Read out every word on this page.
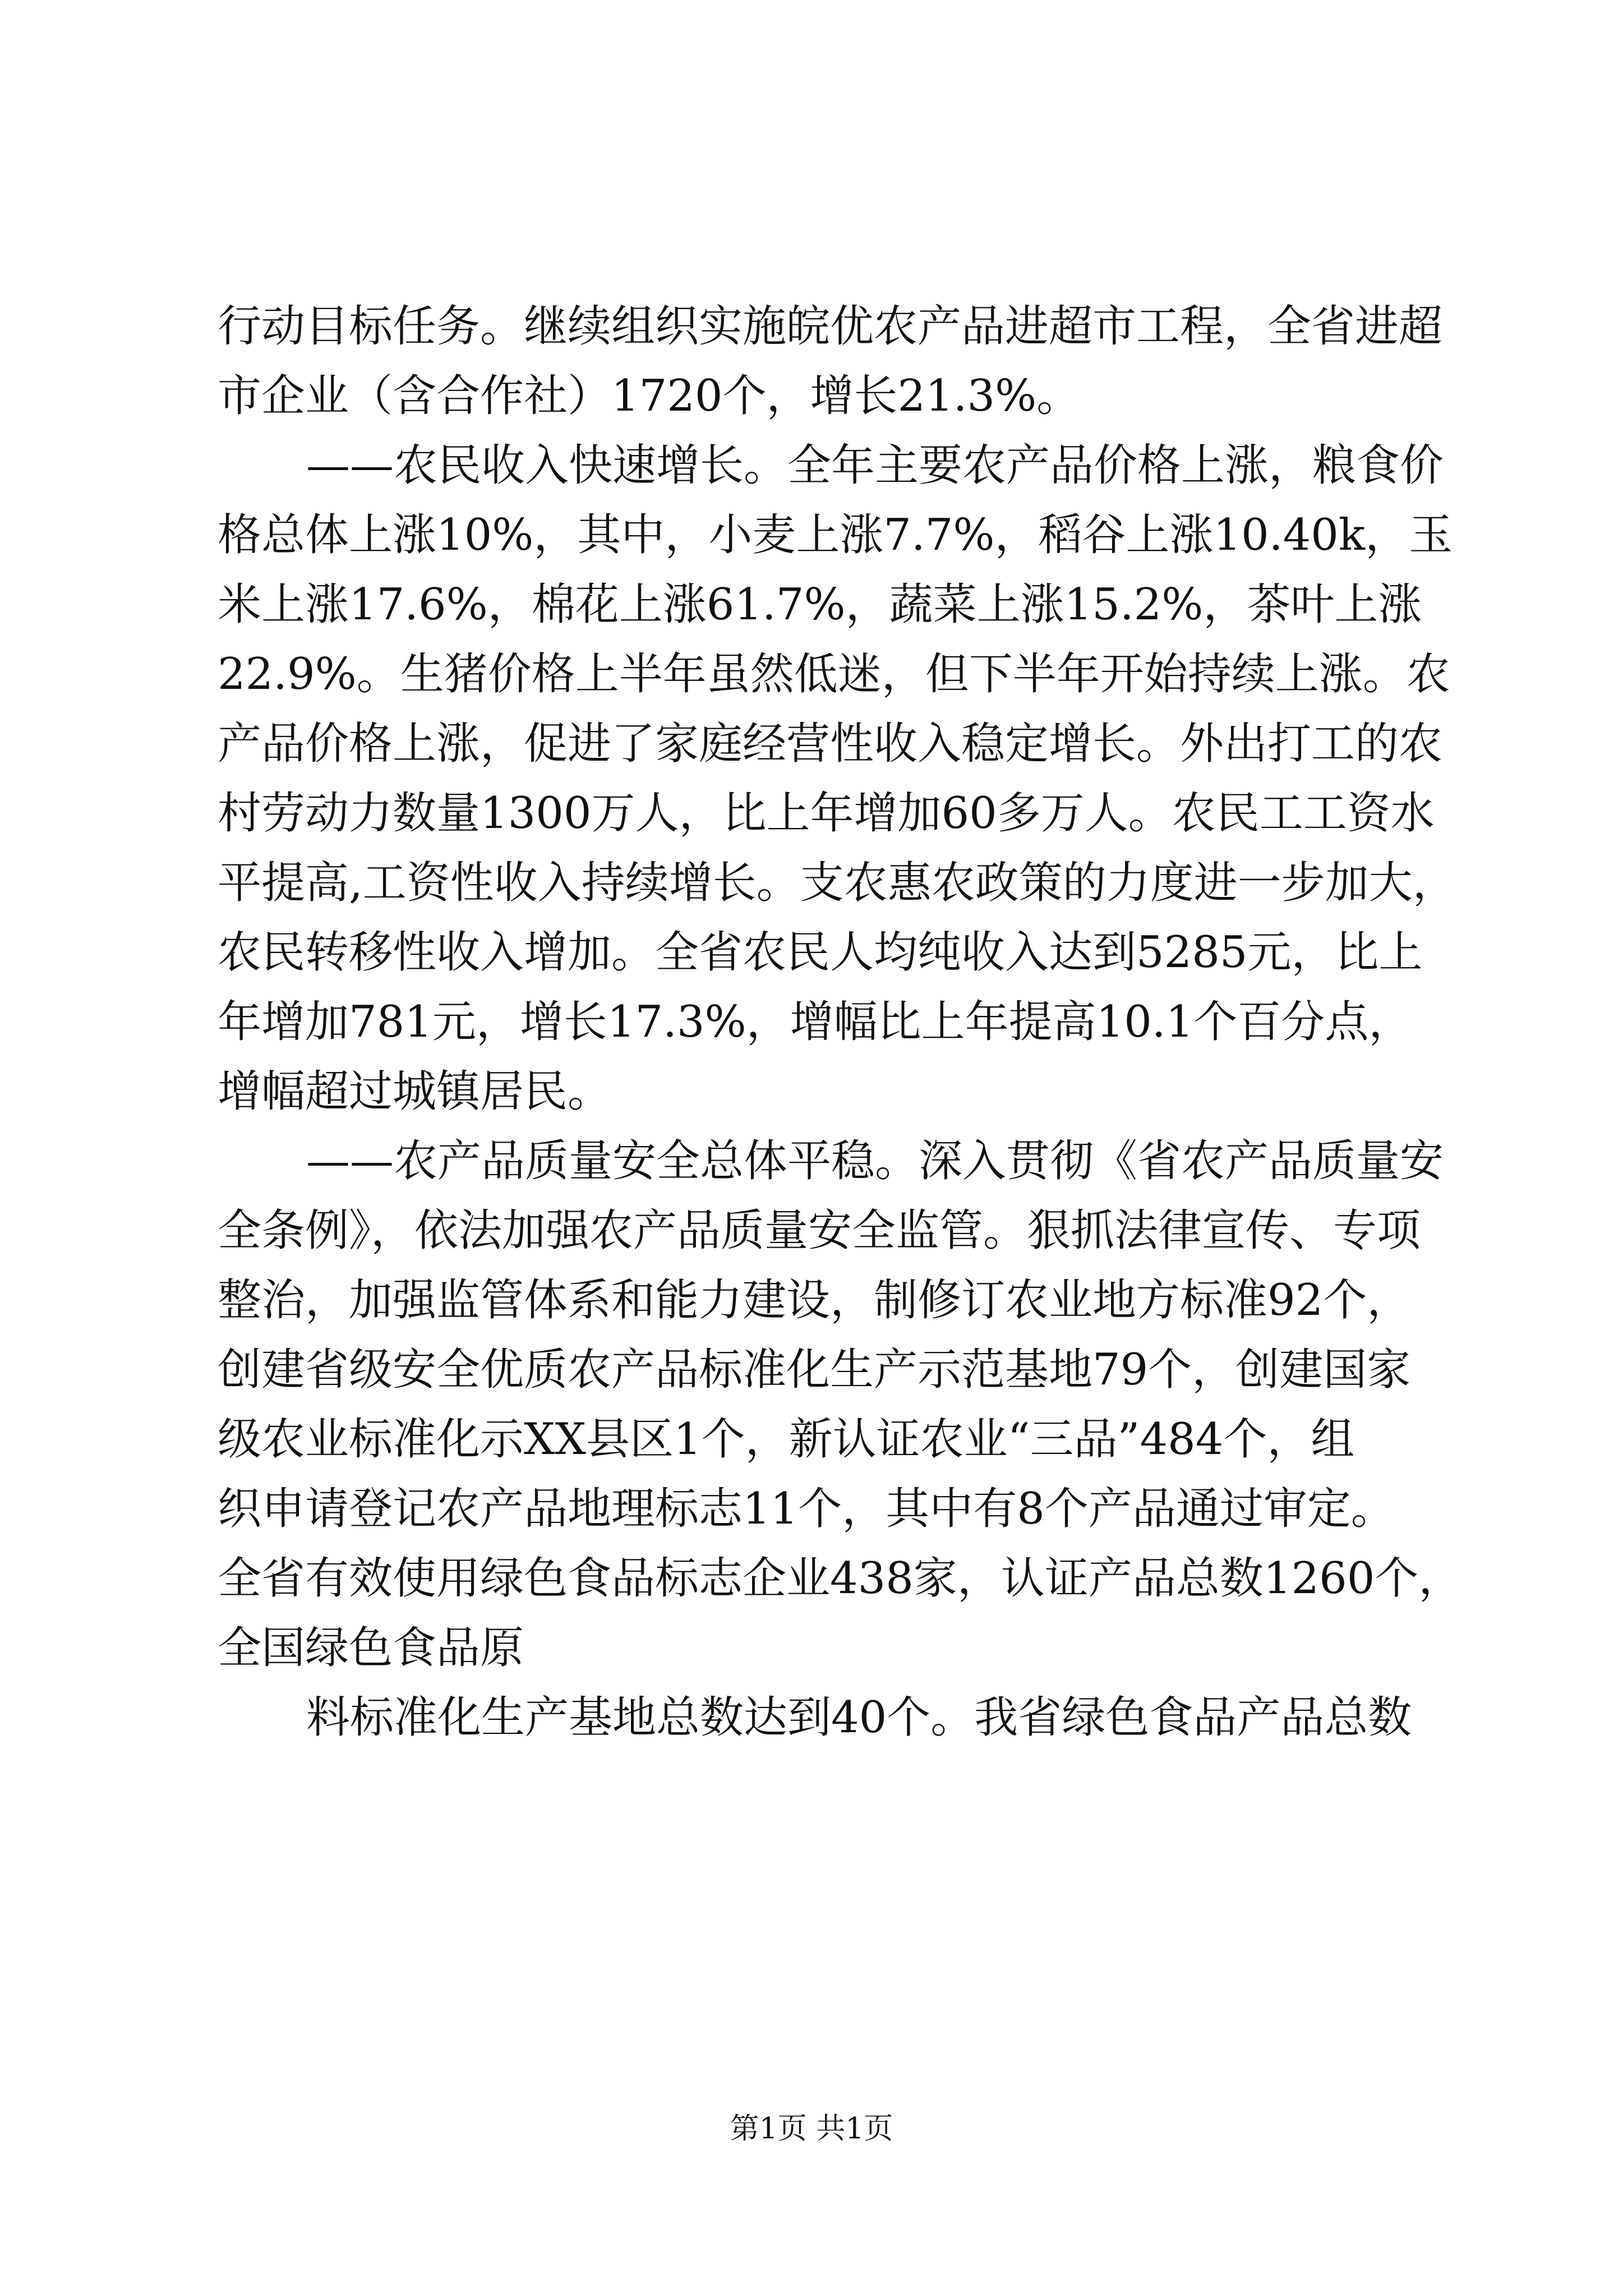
行动目标任务。继续组织实施皖优农产品进超市工程，全省进超
市企业（含合作社）1720个，增长21.3%。
——农民收入快速增长。全年主要农产品价格上涨，粮食价
格总体上涨10%，其中，小麦上涨7.7%，稻谷上涨10.40k，玉
米上涨17.6%，棉花上涨61.7%，蔬菜上涨15.2%，茶叶上涨
22.9%。生猪价格上半年虽然低迷，但下半年开始持续上涨。农
产品价格上涨，促进了家庭经营性收入稳定增长。外出打工的农
村劳动力数量1300万人，比上年增加60多万人。农民工工资水
平提高,工资性收入持续增长。支农惠农政策的力度进一步加大，
农民转移性收入增加。全省农民人均纯收入达到5285元，比上
年增加781元，增长17.3%，增幅比上年提高10.1个百分点，
增幅超过城镇居民。
——农产品质量安全总体平稳。深入贯彻《省农产品质量安
全条例》，依法加强农产品质量安全监管。狠抓法律宣传、专项
整治，加强监管体系和能力建设，制修订农业地方标准92个，
创建省级安全优质农产品标准化生产示范基地79个，创建国家
级农业标准化示XX县区1个，新认证农业“三品”484个，组
织申请登记农产品地理标志11个，其中有8个产品通过审定。
全省有效使用绿色食品标志企业438家，认证产品总数1260个，
全国绿色食品原
料标准化生产基地总数达到40个。我省绿色食品产品总数
第1页 共1页
